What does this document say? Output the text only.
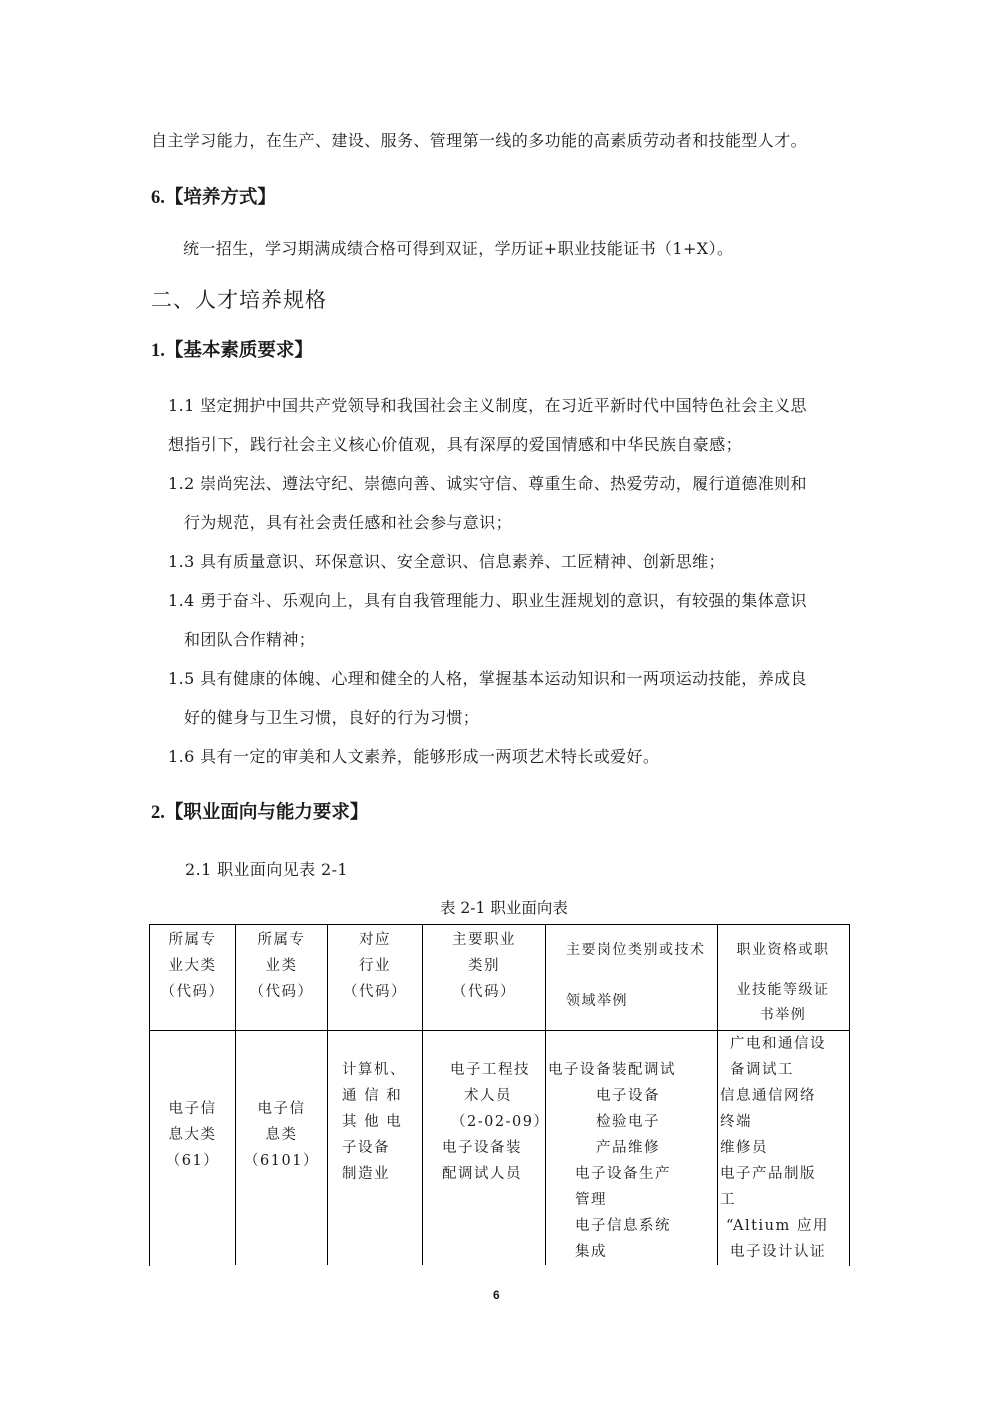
自主学习能力，在生产、建设、服务、管理第一线的多功能的高素质劳动者和技能型人才。
6.【培养方式】
统一招生，学习期满成绩合格可得到双证，学历证+职业技能证书（1+X）。
二、人才培养规格
1.【基本素质要求】
1.1 坚定拥护中国共产党领导和我国社会主义制度，在习近平新时代中国特色社会主义思
想指引下，践行社会主义核心价值观，具有深厚的爱国情感和中华民族自豪感；
1.2 崇尚宪法、遵法守纪、崇德向善、诚实守信、尊重生命、热爱劳动，履行道德准则和
行为规范，具有社会责任感和社会参与意识；
1.3 具有质量意识、环保意识、安全意识、信息素养、工匠精神、创新思维；
1.4 勇于奋斗、乐观向上，具有自我管理能力、职业生涯规划的意识，有较强的集体意识
和团队合作精神；
1.5 具有健康的体魄、心理和健全的人格，掌握基本运动知识和一两项运动技能，养成良
好的健身与卫生习惯，良好的行为习惯；
1.6 具有一定的审美和人文素养，能够形成一两项艺术特长或爱好。
2.【职业面向与能力要求】
2.1 职业面向见表 2-1
表 2-1 职业面向表
所属专
业大类
（代码）
所属专
业类
（代码）
对应
行业
（代码）
主要职业
类别
（代码）
主要岗位类别或技术
领域举例
职业资格或职
业技能等级证
书举例
电子信
息大类
（61）
电子信
息类
（6101）
计算机、
通 信 和
其 他 电
子设备
制造业
电子工程技
术人员
（2-02-09）
电子设备装
配调试人员
电子设备装配调试
电子设备
检验电子
产品维修
电子设备生产
管理
电子信息系统
集成
广电和通信设
备调试工
信息通信网络
终端
维修员
电子产品制版
工
“Altium 应用
电子设计认证
6
